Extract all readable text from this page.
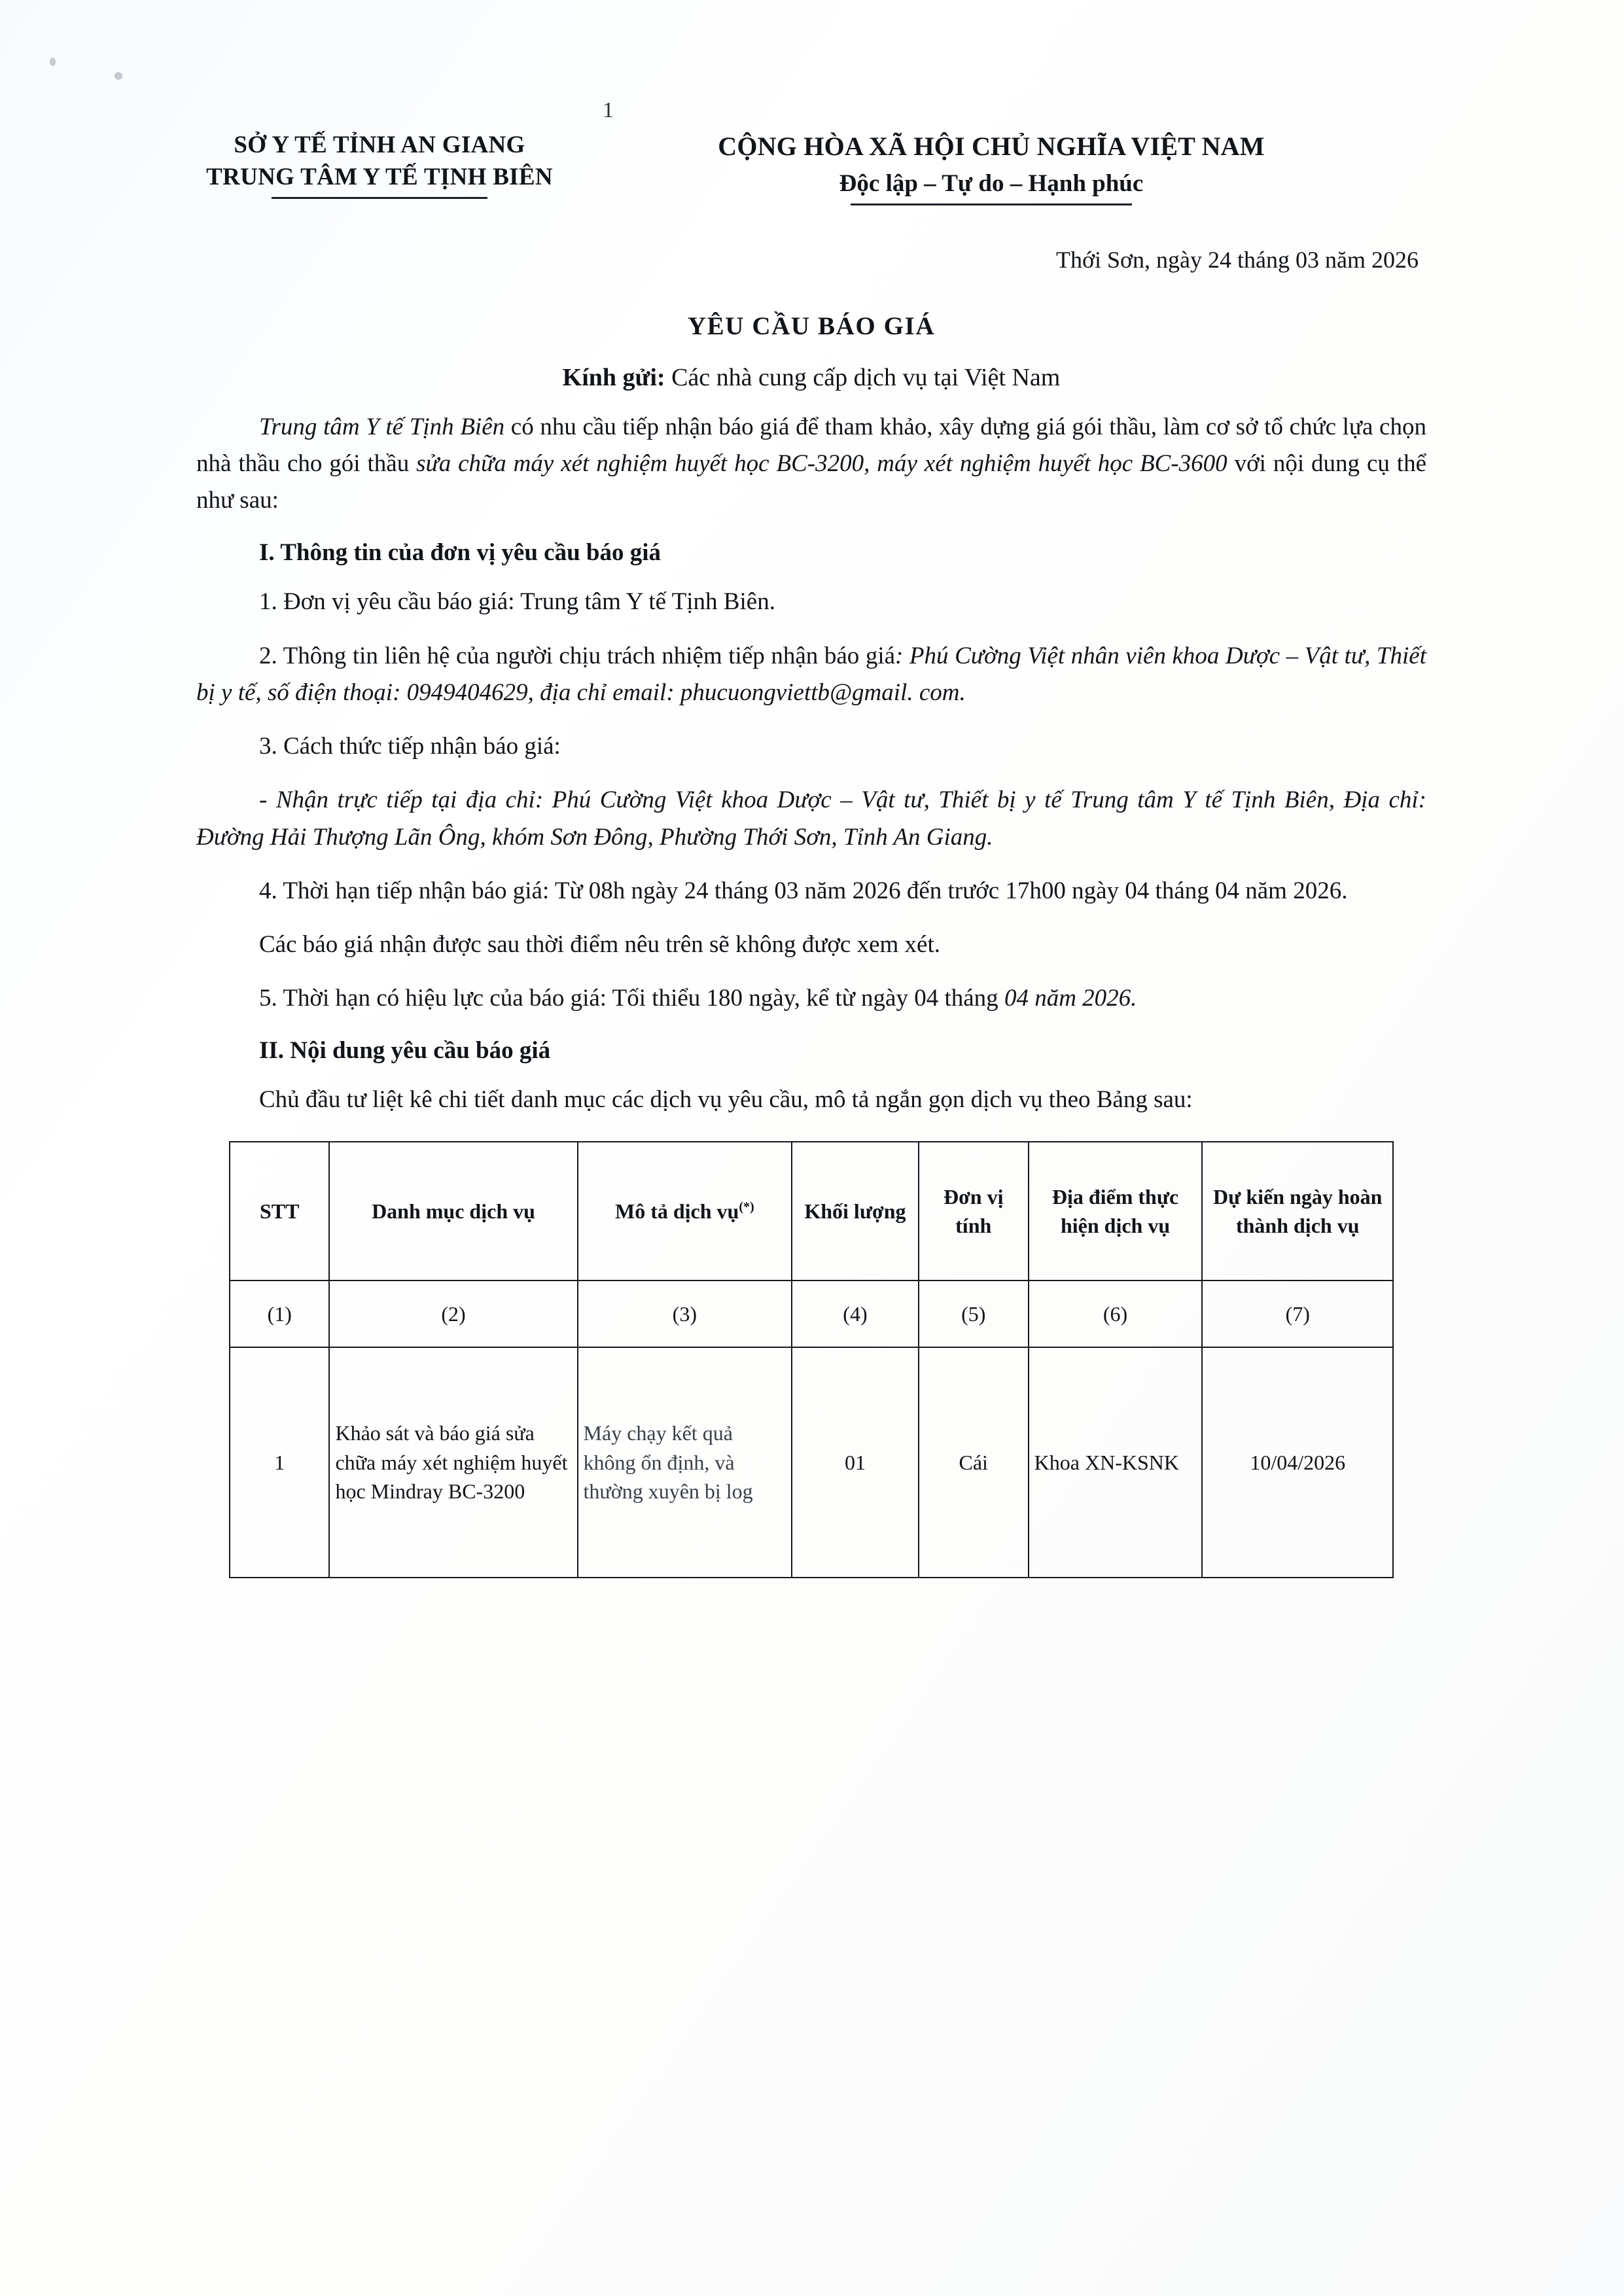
1
SỞ Y TẾ TỈNH AN GIANG
TRUNG TÂM Y TẾ TỊNH BIÊN
CỘNG HÒA XÃ HỘI CHỦ NGHĨA VIỆT NAM
Độc lập – Tự do – Hạnh phúc
Thới Sơn, ngày 24 tháng 03 năm 2026
YÊU CẦU BÁO GIÁ
Kính gửi: Các nhà cung cấp dịch vụ tại Việt Nam

Trung tâm Y tế Tịnh Biên có nhu cầu tiếp nhận báo giá để tham khảo, xây dựng giá gói thầu, làm cơ sở tổ chức lựa chọn nhà thầu cho gói thầu sửa chữa máy xét nghiệm huyết học BC-3200, máy xét nghiệm huyết học BC-3600 với nội dung cụ thể như sau:

I. Thông tin của đơn vị yêu cầu báo giá

1. Đơn vị yêu cầu báo giá: Trung tâm Y tế Tịnh Biên.

2. Thông tin liên hệ của người chịu trách nhiệm tiếp nhận báo giá: Phú Cường Việt nhân viên khoa Dược – Vật tư, Thiết bị y tế, số điện thoại: 0949404629, địa chỉ email: phucuongviettb@gmail. com.

3. Cách thức tiếp nhận báo giá:

- Nhận trực tiếp tại địa chỉ: Phú Cường Việt khoa Dược – Vật tư, Thiết bị y tế Trung tâm Y tế Tịnh Biên, Địa chỉ: Đường Hải Thượng Lãn Ông, khóm Sơn Đông, Phường Thới Sơn, Tỉnh An Giang.

4. Thời hạn tiếp nhận báo giá: Từ 08h ngày 24 tháng 03 năm 2026 đến trước 17h00 ngày 04 tháng 04 năm 2026.

Các báo giá nhận được sau thời điểm nêu trên sẽ không được xem xét.

5. Thời hạn có hiệu lực của báo giá: Tối thiểu 180 ngày, kể từ ngày 04 tháng 04 năm 2026.

II. Nội dung yêu cầu báo giá

Chủ đầu tư liệt kê chi tiết danh mục các dịch vụ yêu cầu, mô tả ngắn gọn dịch vụ theo Bảng sau:

STT	Danh mục dịch vụ	Mô tả dịch vụ(*)	Khối lượng	Đơn vị tính	Địa điểm thực hiện dịch vụ	Dự kiến ngày hoàn thành dịch vụ
(1)	(2)	(3)	(4)	(5)	(6)	(7)
1	Khảo sát và báo giá sửa chữa máy xét nghiệm huyết học Mindray BC-3200	Máy chạy kết quả không ổn định, và thường xuyên bị log	01	Cái	Khoa XN-KSNK	10/04/2026
